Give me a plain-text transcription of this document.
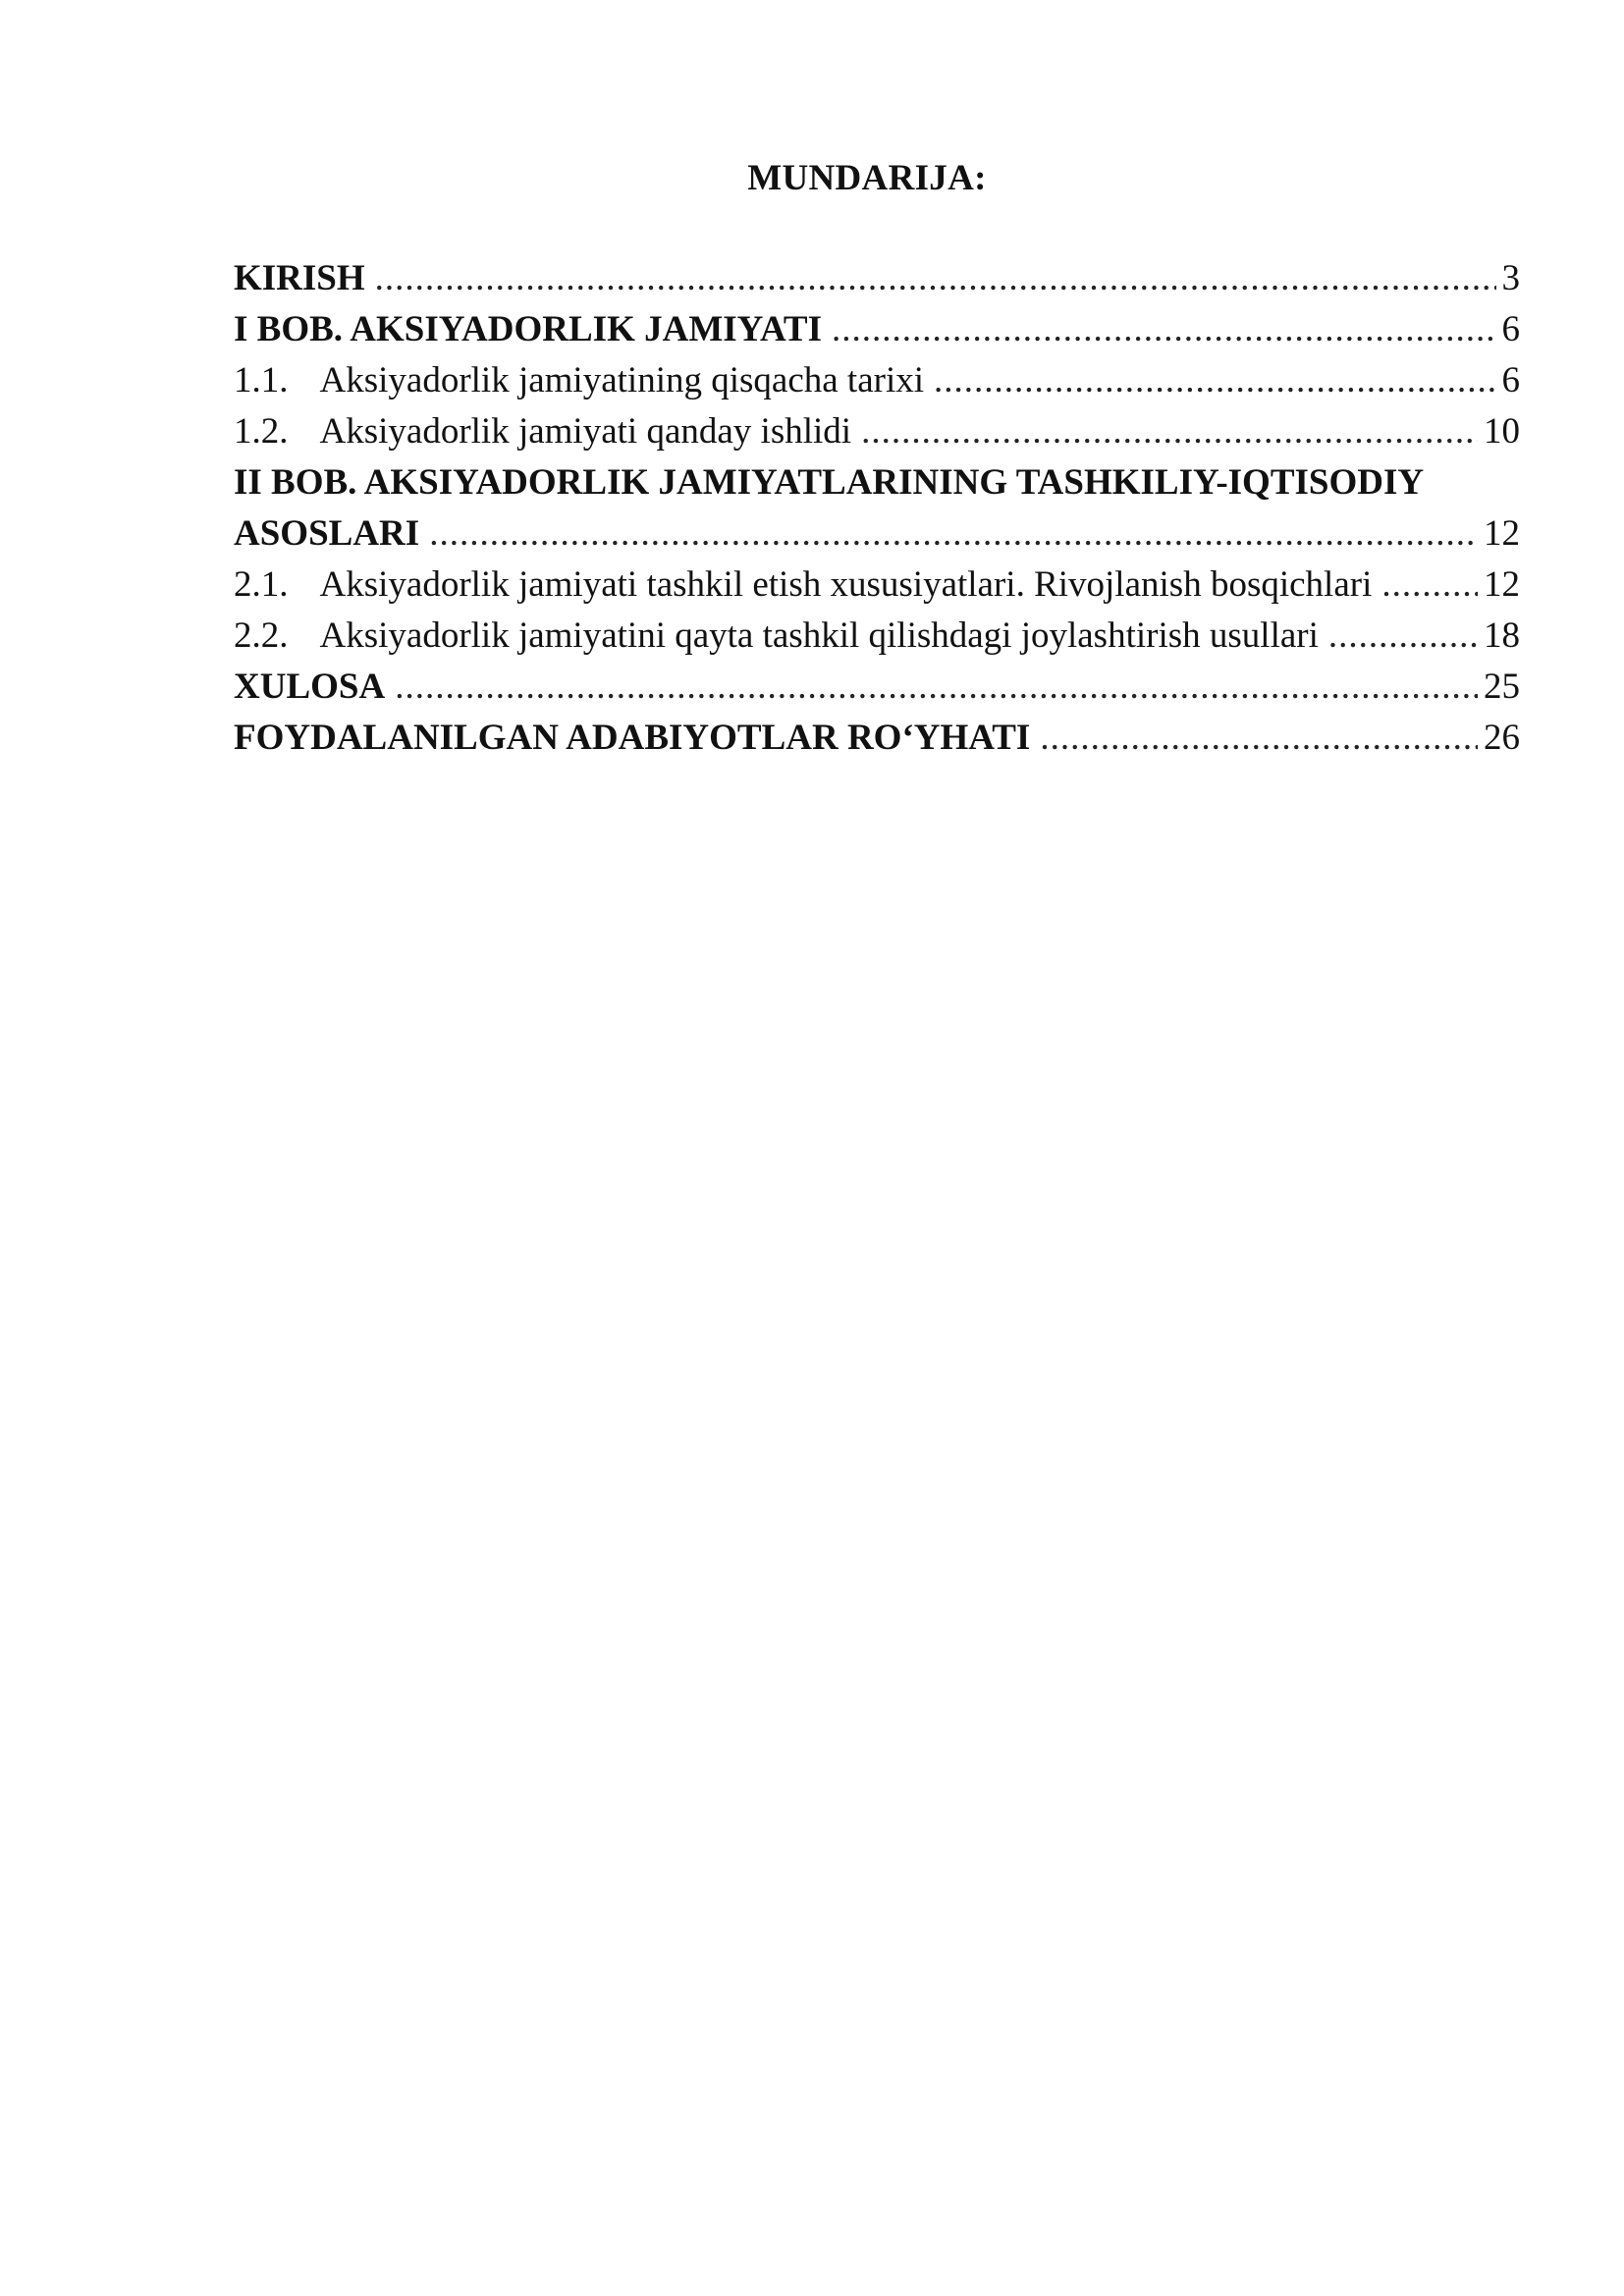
MUNDARIJA:
KIRISH .....	3
I BOB. AKSIYADORLIK JAMIYATI .....	6
1.1. Aksiyadorlik jamiyatining qisqacha tarixi .....	6
1.2. Aksiyadorlik jamiyati qanday ishlidi .....	10
II BOB. AKSIYADORLIK JAMIYATLARINING TASHKILIY-IQTISODIY
ASOSLARI .....	12
2.1. Aksiyadorlik jamiyati tashkil etish xususiyatlari. Rivojlanish bosqichlari .....	12
2.2. Aksiyadorlik jamiyatini qayta tashkil qilishdagi joylashtirish usullari .....	18
XULOSA .....	25
FOYDALANILGAN ADABIYOTLAR RO‘YHATI .....	26
